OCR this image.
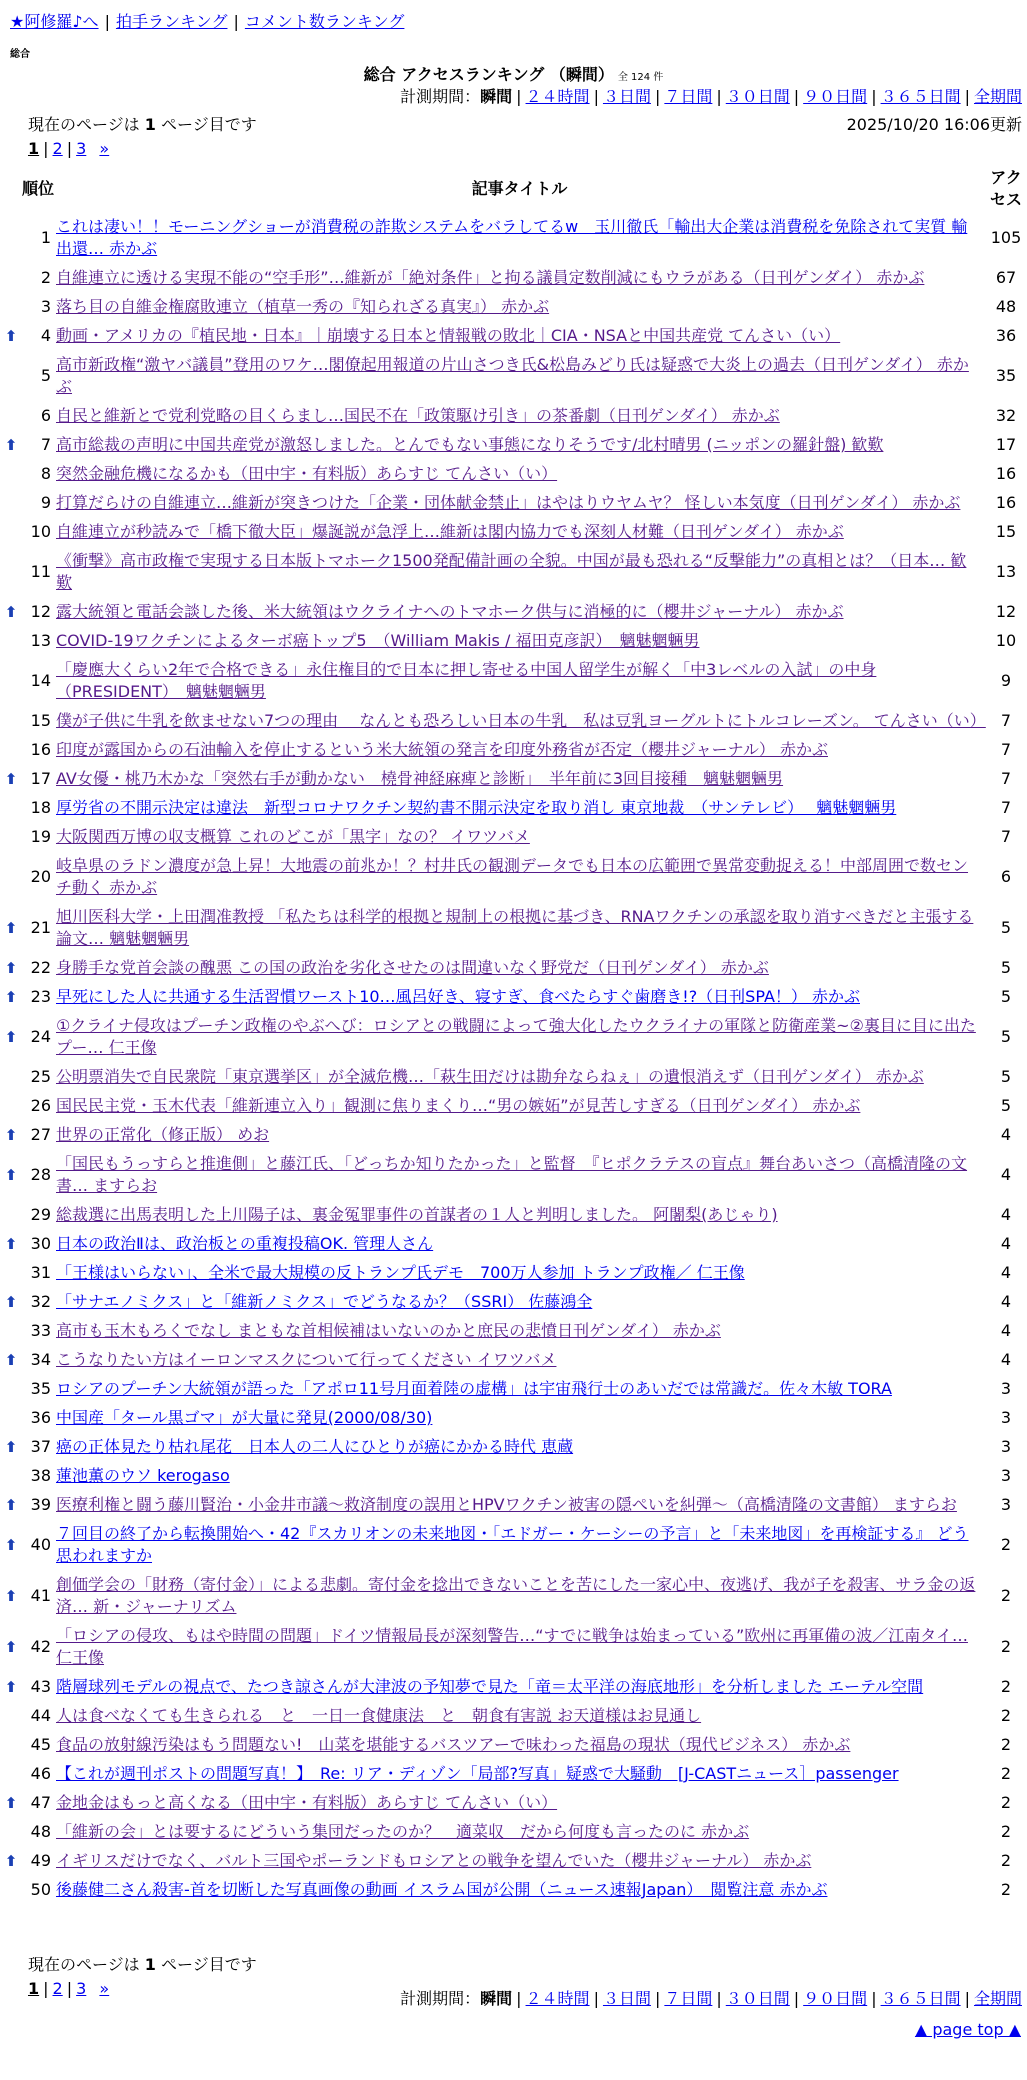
★阿修羅♪へ | 拍手ランキング | コメント数ランキング
総合
総合 アクセスランキング （瞬間） 全 124 件
計測期間：瞬間 | ２４時間 | ３日間 | ７日間 | ３０日間 | ９０日間 | ３６５日間 | 全期間
現在のページは 1 ページ目です	2025/10/20 16:06更新
1 | 2 | 3 »
	順位	記事タイトル	アクセス
	1	これは凄い！！モーニングショーが消費税の詐欺システムをバラしてるw　玉川徹氏「輸出大企業は消費税を免除されて実質 輸出還… 赤かぶ	105
	2	自維連立に透ける実現不能の“空手形”…維新が「絶対条件」と拘る議員定数削減にもウラがある（日刊ゲンダイ） 赤かぶ	67
	3	落ち目の自維金権腐敗連立（植草一秀の『知られざる真実』） 赤かぶ	48
⬆	4	動画・アメリカの『植民地・日本』｜崩壊する日本と情報戦の敗北｜CIA・NSAと中国共産党 てんさい（い）	36
	5	高市新政権“激ヤバ議員”登用のワケ…閣僚起用報道の片山さつき氏&松島みどり氏は疑惑で大炎上の過去（日刊ゲンダイ） 赤かぶ	35
	6	自民と維新とで党利党略の目くらまし…国民不在「政策駆け引き」の茶番劇（日刊ゲンダイ） 赤かぶ	32
⬆	7	高市総裁の声明に中国共産党が激怒しました。とんでもない事態になりそうです/北村晴男 (ニッポンの羅針盤) 歓歎	17
	8	突然金融危機になるかも（田中宇・有料版）あらすじ てんさい（い）	16
	9	打算だらけの自維連立…維新が突きつけた「企業・団体献金禁止」はやはりウヤムヤ？ 怪しい本気度（日刊ゲンダイ） 赤かぶ	16
	10	自維連立が秒読みで「橋下徹大臣」爆誕説が急浮上…維新は閣内協力でも深刻人材難（日刊ゲンダイ） 赤かぶ	15
	11	《衝撃》高市政権で実現する日本版トマホーク1500発配備計画の全貌。中国が最も恐れる“反撃能力”の真相とは？（日本… 歓歎	13
⬆	12	露大統領と電話会談した後、米大統領はウクライナへのトマホーク供与に消極的に（櫻井ジャーナル） 赤かぶ	12
	13	COVID-19ワクチンによるターボ癌トップ5　（William Makis / 福田克彦訳）　魑魅魍魎男	10
	14	「慶應大くらい2年で合格できる」永住権目的で日本に押し寄せる中国人留学生が解く「中3レベルの入試」の中身（PRESIDENT）　魑魅魍魎男	9
	15	僕が子供に牛乳を飲ませない7つの理由　 なんとも恐ろしい日本の牛乳　私は豆乳ヨーグルトにトルコレーズン。 てんさい（い）	7
	16	印度が露国からの石油輸入を停止するという米大統領の発言を印度外務省が否定（櫻井ジャーナル） 赤かぶ	7
⬆	17	AV女優・桃乃木かな「突然右手が動かない　橈骨神経麻痺と診断」　半年前に3回目接種　魑魅魍魎男	7
	18	厚労省の不開示決定は違法　新型コロナワクチン契約書不開示決定を取り消し 東京地裁　（サンテレビ）　 魑魅魍魎男	7
	19	大阪関西万博の収支概算 これのどこが「黒字」なの？ イワツバメ	7
	20	岐阜県のラドン濃度が急上昇！大地震の前兆か！？村井氏の観測データでも日本の広範囲で異常変動捉える！中部周囲で数センチ動く 赤かぶ	6
⬆	21	旭川医科大学・上田潤准教授 「私たちは科学的根拠と規制上の根拠に基づき、RNAワクチンの承認を取り消すべきだと主張する論文… 魑魅魍魎男	5
⬆	22	身勝手な党首会談の醜悪 この国の政治を劣化させたのは間違いなく野党だ（日刊ゲンダイ） 赤かぶ	5
⬆	23	早死にした人に共通する生活習慣ワースト10…風呂好き、寝すぎ、食べたらすぐ歯磨き!?（日刊SPA！） 赤かぶ	5
⬆	24	①クライナ侵攻はプーチン政権のやぶへび：ロシアとの戦闘によって強大化したウクライナの軍隊と防衛産業~②裏目に目に出たプー… 仁王像	5
	25	公明票消失で自民衆院「東京選挙区」が全滅危機…「萩生田だけは勘弁ならねぇ」の遺恨消えず（日刊ゲンダイ） 赤かぶ	5
	26	国民民主党・玉木代表「維新連立入り」観測に焦りまくり…“男の嫉妬”が見苦しすぎる（日刊ゲンダイ） 赤かぶ	5
⬆	27	世界の正常化（修正版） めお	4
⬆	28	「国民もうっすらと推進側」と藤江氏、「どっちか知りたかった」と監督　『ヒポクラテスの盲点』舞台あいさつ（高橋清隆の文書… ますらお	4
	29	総裁選に出馬表明した上川陽子は、裏金冤罪事件の首謀者の１人と判明しました。 阿闍梨(あじゃり)	4
⬆	30	日本の政治Ⅱは、政治板との重複投稿OK. 管理人さん	4
	31	「王様はいらない」、全米で最大規模の反トランプ氏デモ　700万人参加 トランプ政権／ 仁王像	4
⬆	32	「サナエノミクス」と「維新ノミクス」でどうなるか？（SSRI） 佐藤鴻全	4
	33	高市も玉木もろくでなし まともな首相候補はいないのかと庶民の悲憤日刊ゲンダイ） 赤かぶ	4
⬆	34	こうなりたい方はイーロンマスクについて行ってください イワツバメ	4
	35	ロシアのプーチン大統領が語った「アポロ11号月面着陸の虚構」は宇宙飛行士のあいだでは常識だ。佐々木敏 TORA	3
	36	中国産「タール黒ゴマ」が大量に発見(2000/08/30)	3
⬆	37	癌の正体見たり枯れ尾花　日本人の二人にひとりが癌にかかる時代 恵蔵	3
	38	蓮池薫のウソ kerogaso	3
⬆	39	医療利権と闘う藤川賢治・小金井市議〜救済制度の誤用とHPVワクチン被害の隠ぺいを糾弾〜（高橋清隆の文書館） ますらお	3
⬆	40	７回目の終了から転換開始へ・42『スカリオンの未来地図・「エドガー・ケーシーの予言」と「未来地図」を再検証する』 どう思われますか	2
⬆	41	創価学会の「財務（寄付金）」による悲劇。寄付金を捻出できないことを苦にした一家心中、夜逃げ、我が子を殺害、サラ金の返済… 新・ジャーナリズム	2
⬆	42	「ロシアの侵攻、もはや時間の問題」ドイツ情報局長が深刻警告…“すでに戦争は始まっている”欧州に再軍備の波／江南タイ… 仁王像	2
⬆	43	階層球列モデルの視点で、たつき諒さんが大津波の予知夢で見た「竜＝太平洋の海底地形」を分析しました エーテル空間	2
	44	人は食べなくても生きられる　と　一日一食健康法　と　朝食有害説 お天道様はお見通し	2
	45	食品の放射線汚染はもう問題ない!　山菜を堪能するバスツアーで味わった福島の現状（現代ビジネス） 赤かぶ	2
	46	【これが週刊ポストの問題写真！】　Re: リア・ディゾン「局部?写真」疑惑で大騒動　[J-CASTニュース］passenger	2
⬆	47	金地金はもっと高くなる（田中宇・有料版）あらすじ てんさい（い）	2
	48	「維新の会」とは要するにどういう集団だったのか？　適菜収　だから何度も言ったのに 赤かぶ	2
⬆	49	イギリスだけでなく、バルト三国やポーランドもロシアとの戦争を望んでいた（櫻井ジャーナル） 赤かぶ	2
	50	後藤健二さん殺害-首を切断した写真画像の動画 イスラム国が公開（ニュース速報Japan）　閲覧注意 赤かぶ	2
現在のページは 1 ページ目です
1 | 2 | 3 »
計測期間：瞬間 | ２４時間 | ３日間 | ７日間 | ３０日間 | ９０日間 | ３６５日間 | 全期間
▲ page top ▲
